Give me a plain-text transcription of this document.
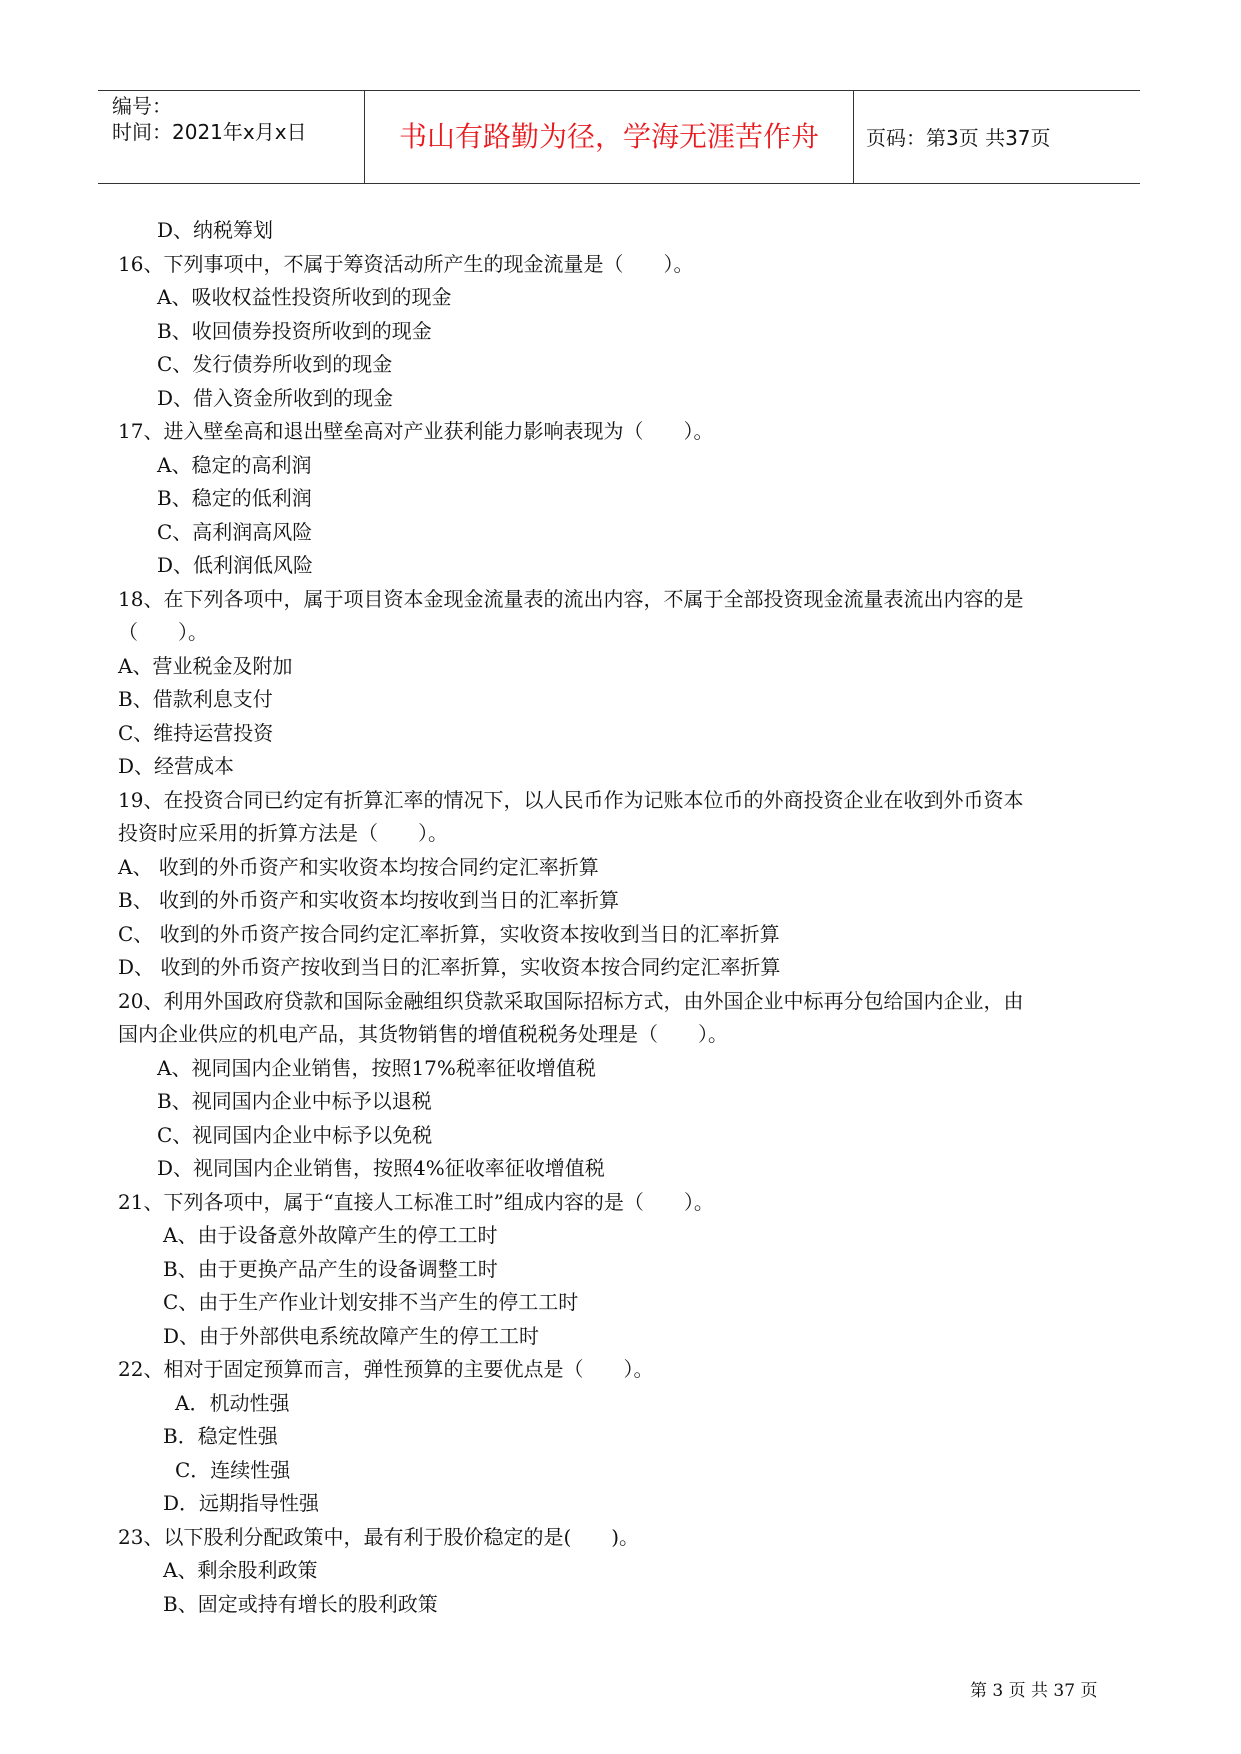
编号：
时间：2021年x月x日	书山有路勤为径，学海无涯苦作舟	页码：第3页 共37页
D、纳税筹划
16、下列事项中，不属于筹资活动所产生的现金流量是（　　）。
A、吸收权益性投资所收到的现金
B、收回债券投资所收到的现金
C、发行债券所收到的现金
D、借入资金所收到的现金
17、进入壁垒高和退出壁垒高对产业获利能力影响表现为（　　）。
A、稳定的高利润
B、稳定的低利润
C、高利润高风险
D、低利润低风险
18、在下列各项中，属于项目资本金现金流量表的流出内容，不属于全部投资现金流量表流出内容的是
（　　）。
A、营业税金及附加
B、借款利息支付
C、维持运营投资
D、经营成本
19、在投资合同已约定有折算汇率的情况下，以人民币作为记账本位币的外商投资企业在收到外币资本
投资时应采用的折算方法是（　　）。
A、 收到的外币资产和实收资本均按合同约定汇率折算
B、 收到的外币资产和实收资本均按收到当日的汇率折算
C、 收到的外币资产按合同约定汇率折算，实收资本按收到当日的汇率折算
D、 收到的外币资产按收到当日的汇率折算，实收资本按合同约定汇率折算
20、利用外国政府贷款和国际金融组织贷款采取国际招标方式，由外国企业中标再分包给国内企业，由
国内企业供应的机电产品，其货物销售的增值税税务处理是（　　）。
A、视同国内企业销售，按照17%税率征收增值税
B、视同国内企业中标予以退税
C、视同国内企业中标予以免税
D、视同国内企业销售，按照4%征收率征收增值税
21、下列各项中，属于“直接人工标准工时”组成内容的是（　　）。
A、由于设备意外故障产生的停工工时
B、由于更换产品产生的设备调整工时
C、由于生产作业计划安排不当产生的停工工时
D、由于外部供电系统故障产生的停工工时
22、相对于固定预算而言，弹性预算的主要优点是（　　）。
A．机动性强
B．稳定性强
C．连续性强
D．远期指导性强
23、以下股利分配政策中，最有利于股价稳定的是(　　)。
A、剩余股利政策
B、固定或持有增长的股利政策
第 3 页 共 37 页
